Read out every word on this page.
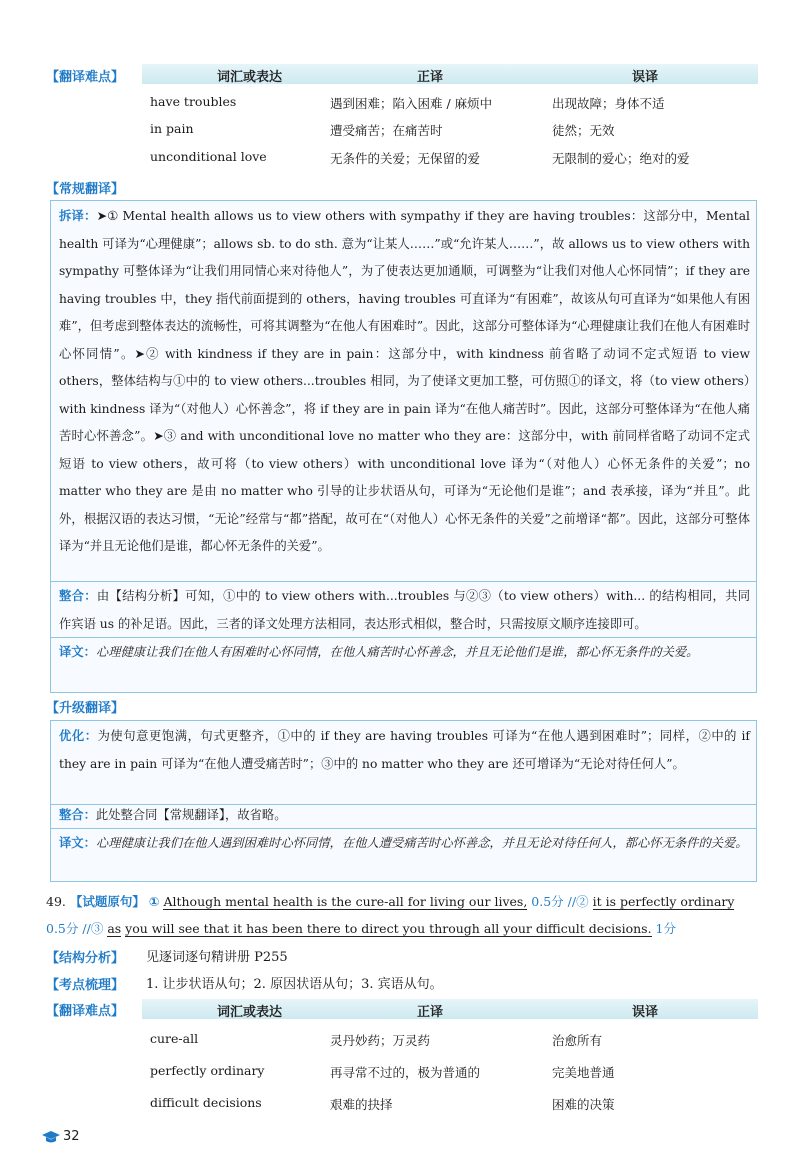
【翻译难点】	词汇或表达	正译	误译
have troubles	遇到困难；陷入困难 / 麻烦中	出现故障；身体不适
in pain	遭受痛苦；在痛苦时	徒然；无效
unconditional love	无条件的关爱；无保留的爱	无限制的爱心；绝对的爱
【常规翻译】
拆译：➤① Mental health allows us to view others with sympathy if they are having troubles：这部分中，Mental health 可译为“心理健康”；allows sb. to do sth. 意为“让某人……”或“允许某人……”，故 allows us to view others with sympathy 可整体译为“让我们用同情心来对待他人”，为了使表达更加通顺，可调整为“让我们对他人心怀同情”；if they are having troubles 中，they 指代前面提到的 others，having troubles 可直译为“有困难”，故该从句可直译为“如果他人有困难”，但考虑到整体表达的流畅性，可将其调整为“在他人有困难时”。因此，这部分可整体译为“心理健康让我们在他人有困难时心怀同情”。➤② with kindness if they are in pain：这部分中，with kindness 前省略了动词不定式短语 to view others，整体结构与①中的 to view others...troubles 相同，为了使译文更加工整，可仿照①的译文，将（to view others）with kindness 译为“（对他人）心怀善念”，将 if they are in pain 译为“在他人痛苦时”。因此，这部分可整体译为“在他人痛苦时心怀善念”。➤③ and with unconditional love no matter who they are：这部分中，with 前同样省略了动词不定式短语 to view others，故可将（to view others）with unconditional love 译为“（对他人）心怀无条件的关爱”；no matter who they are 是由 no matter who 引导的让步状语从句，可译为“无论他们是谁”；and 表承接，译为“并且”。此外，根据汉语的表达习惯，“无论”经常与“都”搭配，故可在“（对他人）心怀无条件的关爱”之前增译“都”。因此，这部分可整体译为“并且无论他们是谁，都心怀无条件的关爱”。
整合：由【结构分析】可知，①中的 to view others with...troubles 与②③（to view others）with... 的结构相同，共同作宾语 us 的补足语。因此，三者的译文处理方法相同，表达形式相似，整合时，只需按原文顺序连接即可。
译文：心理健康让我们在他人有困难时心怀同情，在他人痛苦时心怀善念，并且无论他们是谁，都心怀无条件的关爱。
【升级翻译】
优化：为使句意更饱满，句式更整齐，①中的 if they are having troubles 可译为“在他人遇到困难时”；同样，②中的 if they are in pain 可译为“在他人遭受痛苦时”；③中的 no matter who they are 还可增译为“无论对待任何人”。
整合：此处整合同【常规翻译】，故省略。
译文：心理健康让我们在他人遇到困难时心怀同情，在他人遭受痛苦时心怀善念，并且无论对待任何人，都心怀无条件的关爱。
49. 【试题原句】 ① Although mental health is the cure-all for living our lives, 0.5分 //② it is perfectly ordinary 0.5分 //③ as you will see that it has been there to direct you through all your difficult decisions. 1分
【结构分析】 见逐词逐句精讲册 P255
【考点梳理】 1. 让步状语从句；2. 原因状语从句；3. 宾语从句。
【翻译难点】	词汇或表达	正译	误译
cure-all	灵丹妙药；万灵药	治愈所有
perfectly ordinary	再寻常不过的，极为普通的	完美地普通
difficult decisions	艰难的抉择	困难的决策
32
